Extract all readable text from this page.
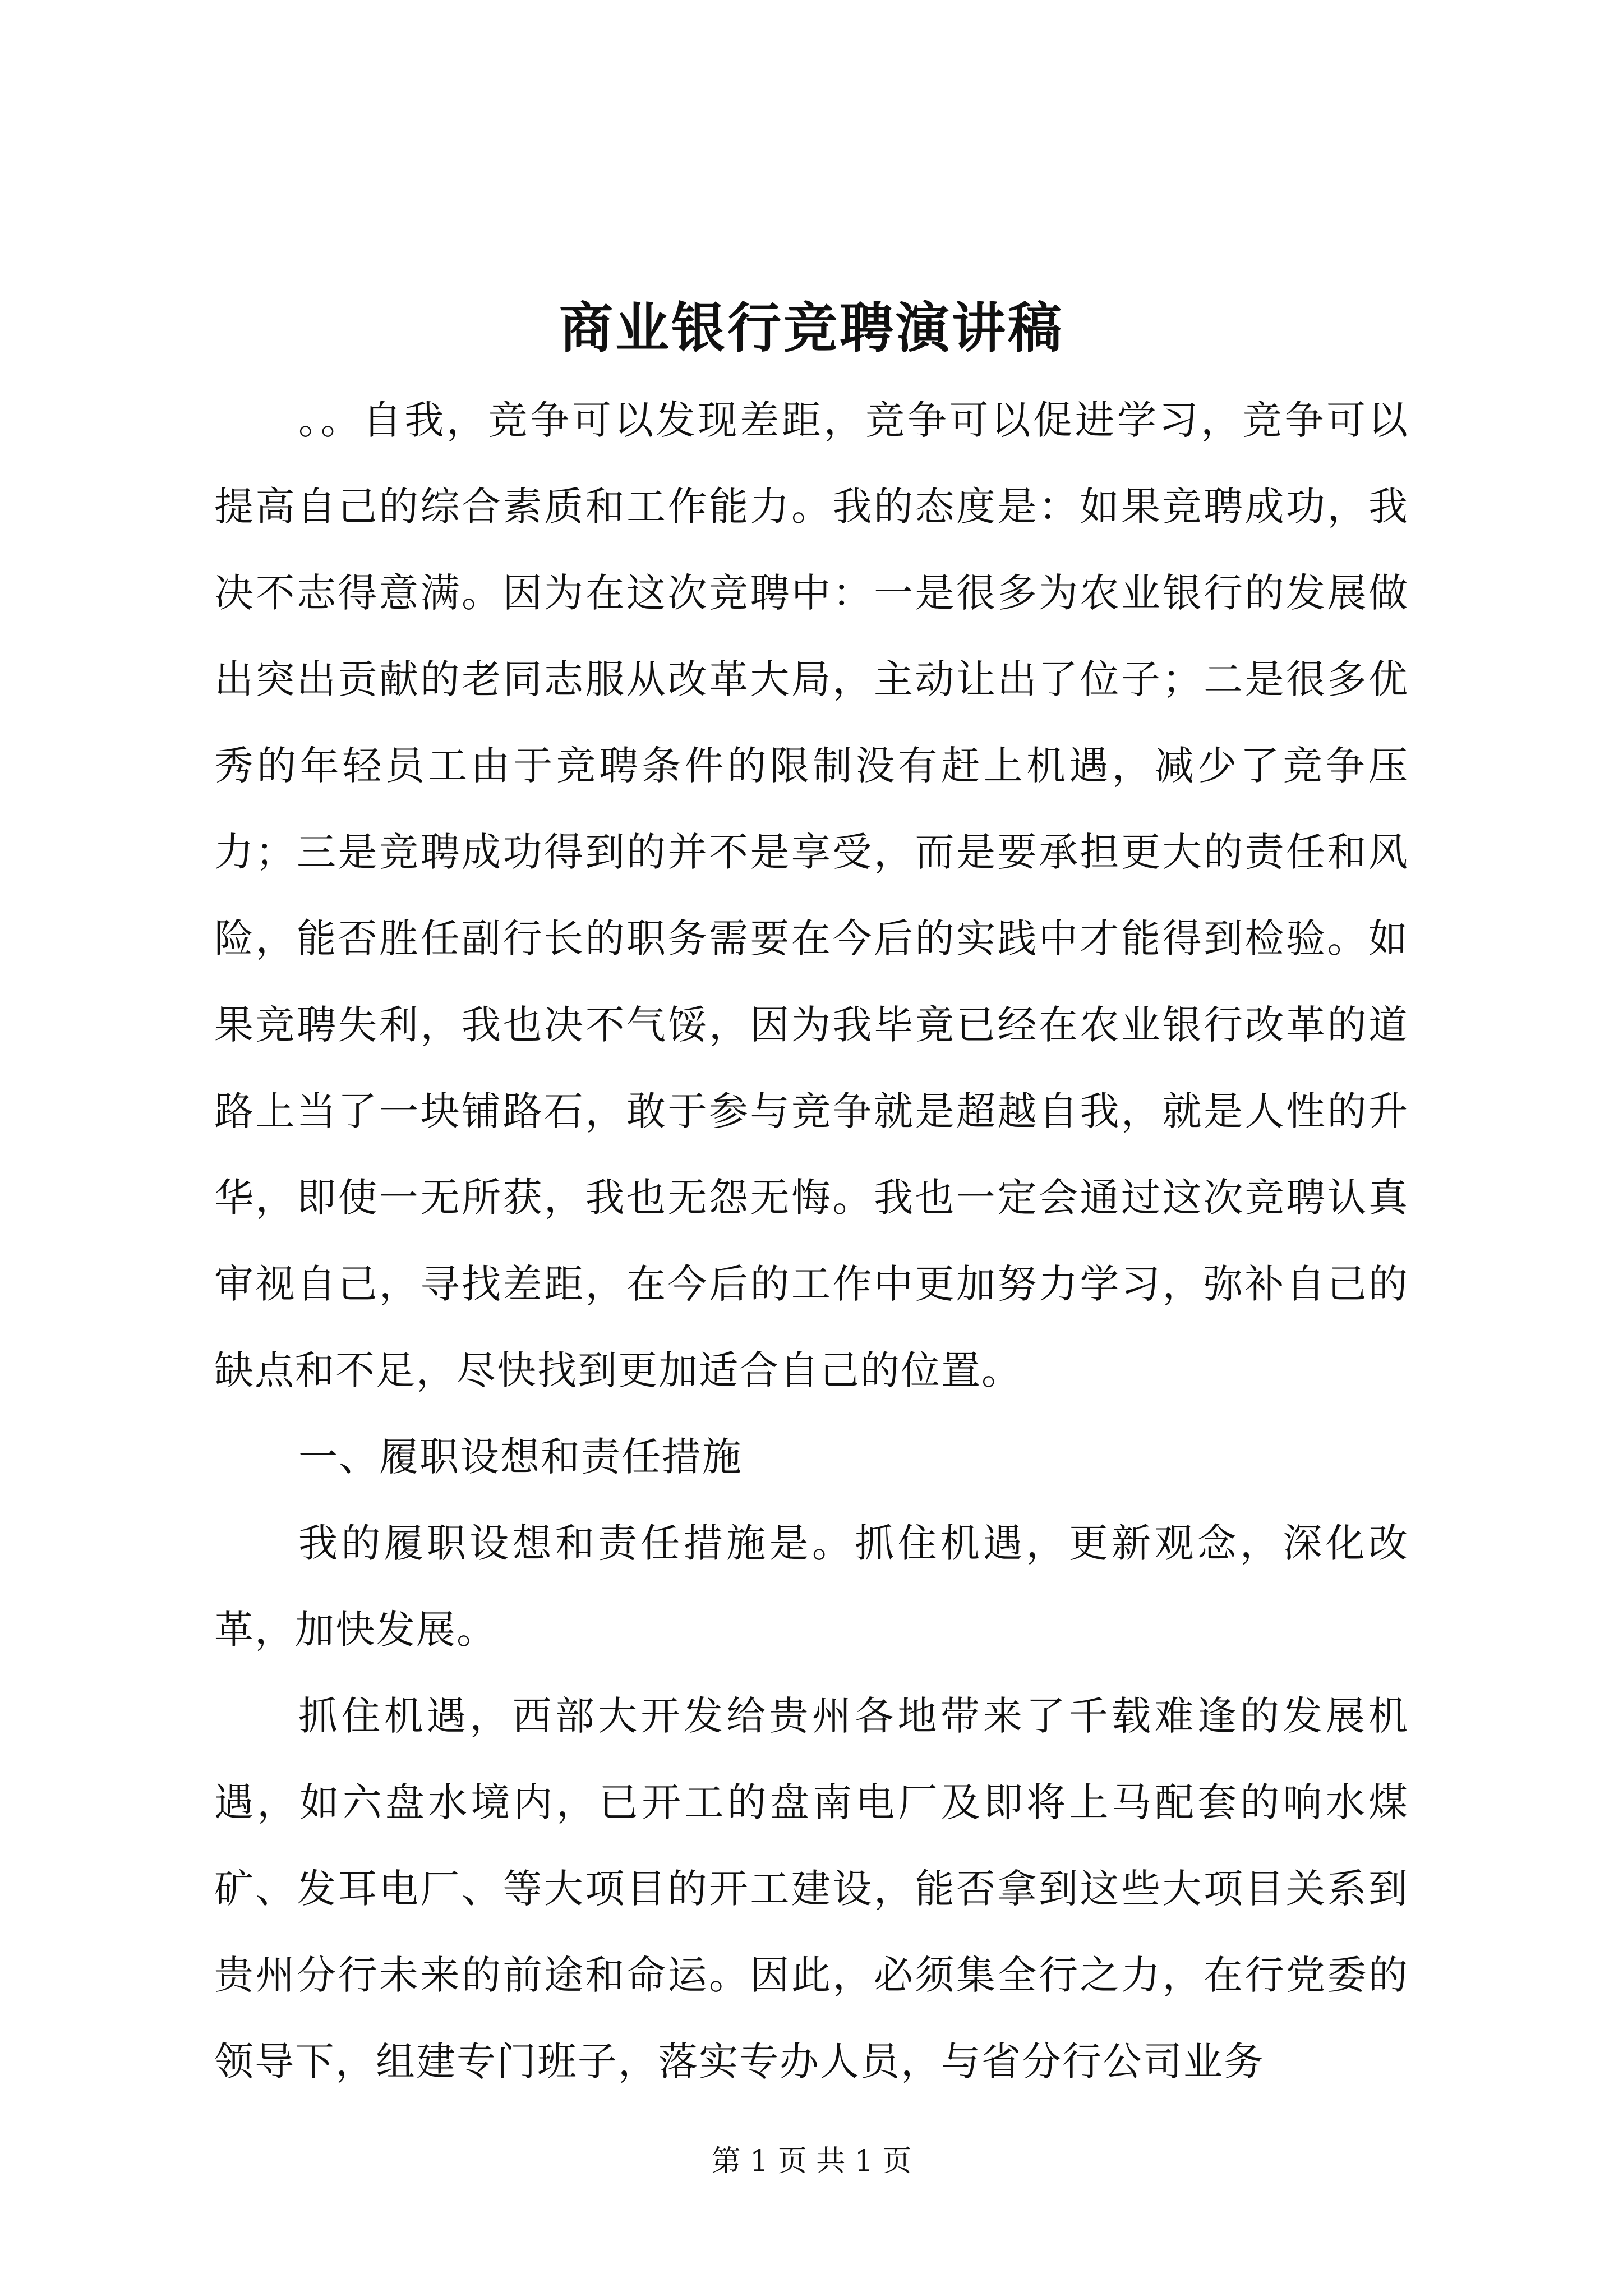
商业银行竞聘演讲稿

。。自我，竞争可以发现差距，竞争可以促进学习，竞争可以提高自己的综合素质和工作能力。我的态度是：如果竞聘成功，我决不志得意满。因为在这次竞聘中：一是很多为农业银行的发展做出突出贡献的老同志服从改革大局，主动让出了位子；二是很多优秀的年轻员工由于竞聘条件的限制没有赶上机遇，减少了竞争压力；三是竞聘成功得到的并不是享受，而是要承担更大的责任和风险，能否胜任副行长的职务需要在今后的实践中才能得到检验。如果竞聘失利，我也决不气馁，因为我毕竟已经在农业银行改革的道路上当了一块铺路石，敢于参与竞争就是超越自我，就是人性的升华，即使一无所获，我也无怨无悔。我也一定会通过这次竞聘认真审视自己，寻找差距，在今后的工作中更加努力学习，弥补自己的缺点和不足，尽快找到更加适合自己的位置。

一、履职设想和责任措施

我的履职设想和责任措施是。抓住机遇，更新观念，深化改革，加快发展。

抓住机遇，西部大开发给贵州各地带来了千载难逢的发展机遇，如六盘水境内，已开工的盘南电厂及即将上马配套的响水煤矿、发耳电厂、等大项目的开工建设，能否拿到这些大项目关系到贵州分行未来的前途和命运。因此，必须集全行之力，在行党委的领导下，组建专门班子，落实专办人员，与省分行公司业务

第 1 页 共 1 页
